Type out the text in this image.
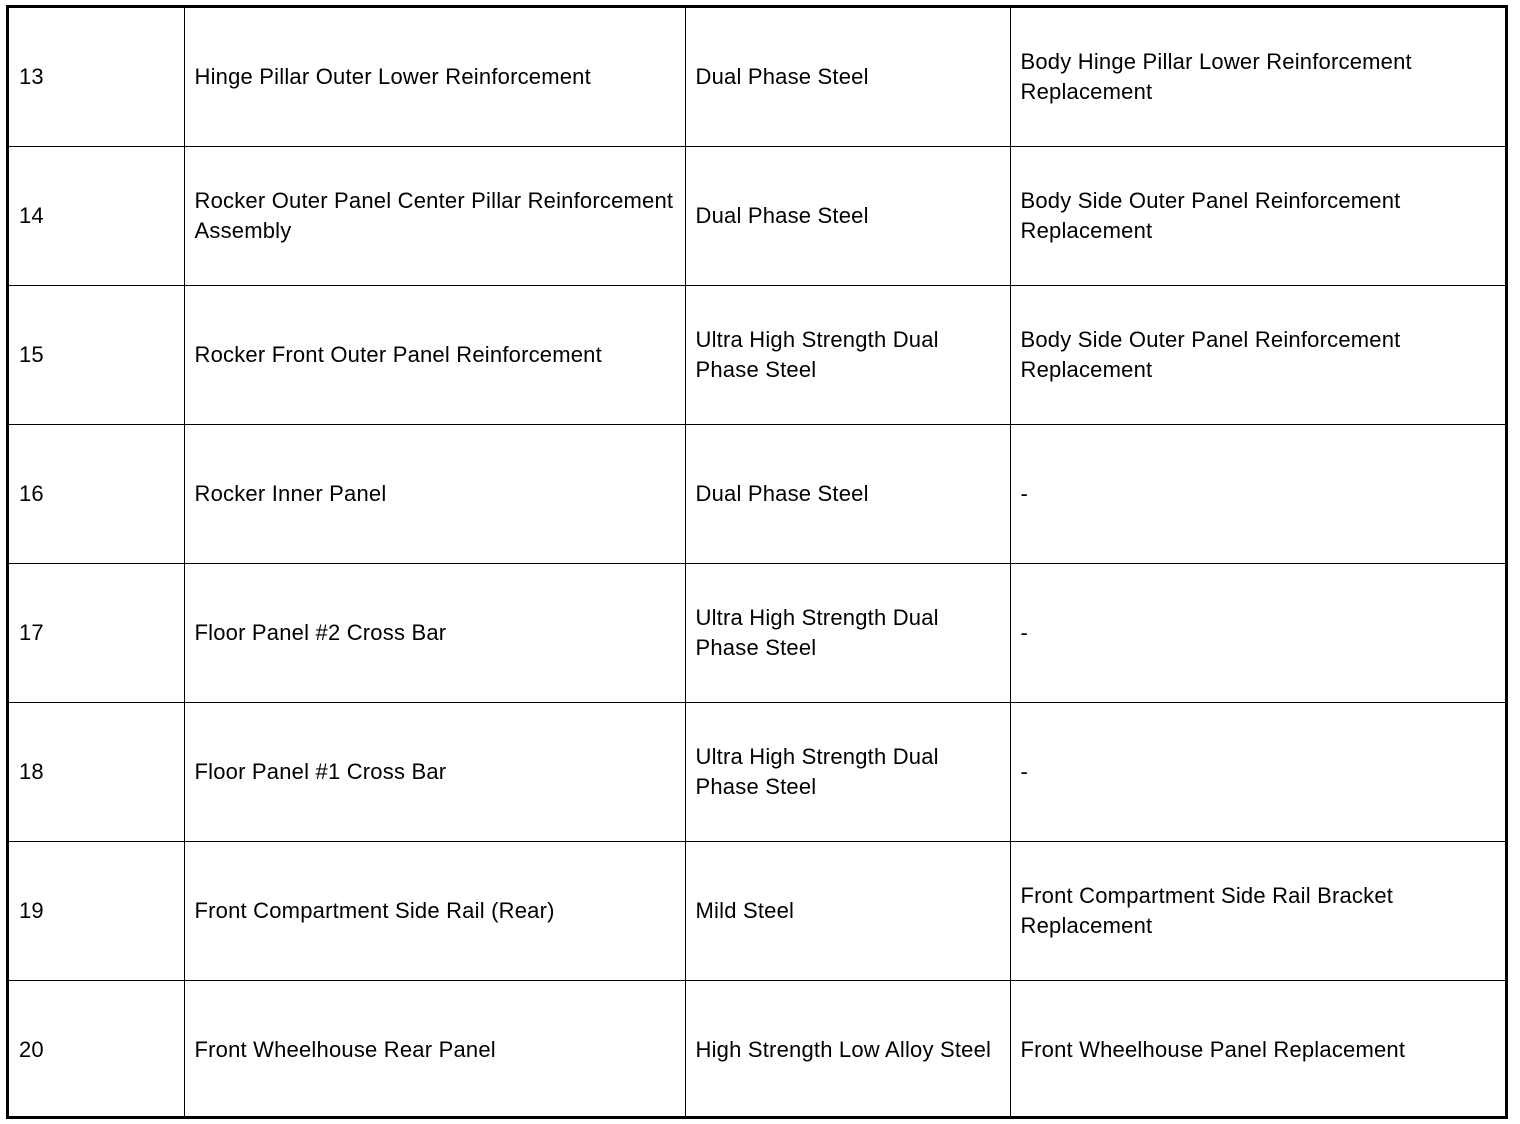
13	Hinge Pillar Outer Lower Reinforcement	Dual Phase Steel	Body Hinge Pillar Lower Reinforcement Replacement

14	Rocker Outer Panel Center Pillar Reinforcement Assembly	Dual Phase Steel	Body Side Outer Panel Reinforcement Replacement

15	Rocker Front Outer Panel Reinforcement	Ultra High Strength Dual Phase Steel	Body Side Outer Panel Reinforcement Replacement

16	Rocker Inner Panel	Dual Phase Steel	-

17	Floor Panel #2 Cross Bar	Ultra High Strength Dual Phase Steel	-

18	Floor Panel #1 Cross Bar	Ultra High Strength Dual Phase Steel	-

19	Front Compartment Side Rail (Rear)	Mild Steel	Front Compartment Side Rail Bracket Replacement

20	Front Wheelhouse Rear Panel	High Strength Low Alloy Steel	Front Wheelhouse Panel Replacement
